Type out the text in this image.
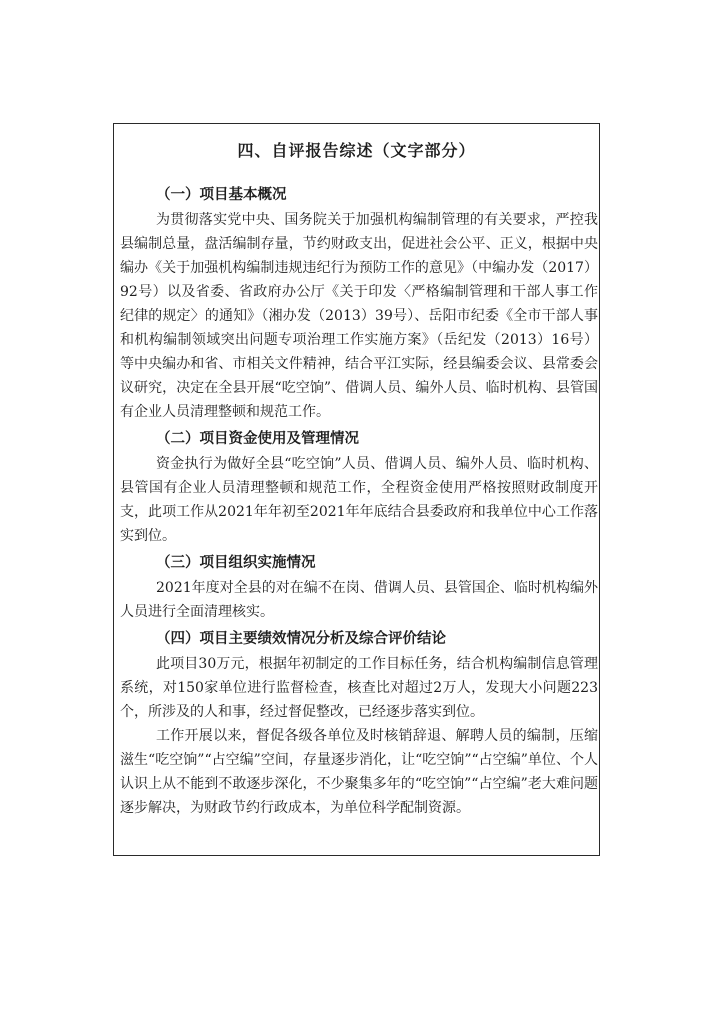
四、自评报告综述（文字部分）
（一）项目基本概况

为贯彻落实党中央、国务院关于加强机构编制管理的有关要求，严控我县编制总量，盘活编制存量，节约财政支出，促进社会公平、正义，根据中央编办《关于加强机构编制违规违纪行为预防工作的意见》（中编办发（2017）92号）以及省委、省政府办公厅《关于印发〈严格编制管理和干部人事工作纪律的规定〉的通知》（湘办发（2013）39号）、岳阳市纪委《全市干部人事和机构编制领域突出问题专项治理工作实施方案》（岳纪发（2013）16号）等中央编办和省、市相关文件精神，结合平江实际，经县编委会议、县常委会议研究，决定在全县开展“吃空饷”、借调人员、编外人员、临时机构、县管国有企业人员清理整顿和规范工作。

（二）项目资金使用及管理情况

资金执行为做好全县“吃空饷”人员、借调人员、编外人员、临时机构、县管国有企业人员清理整顿和规范工作，全程资金使用严格按照财政制度开支，此项工作从2021年年初至2021年年底结合县委政府和我单位中心工作落实到位。

（三）项目组织实施情况

2021年度对全县的对在编不在岗、借调人员、县管国企、临时机构编外人员进行全面清理核实。

（四）项目主要绩效情况分析及综合评价结论

此项目30万元，根据年初制定的工作目标任务，结合机构编制信息管理系统，对150家单位进行监督检查，核查比对超过2万人，发现大小问题223个，所涉及的人和事，经过督促整改，已经逐步落实到位。

工作开展以来，督促各级各单位及时核销辞退、解聘人员的编制，压缩滋生“吃空饷”“占空编”空间，存量逐步消化，让“吃空饷”“占空编”单位、个人认识上从不能到不敢逐步深化，不少聚集多年的“吃空饷”“占空编”老大难问题逐步解决，为财政节约行政成本，为单位科学配制资源。
